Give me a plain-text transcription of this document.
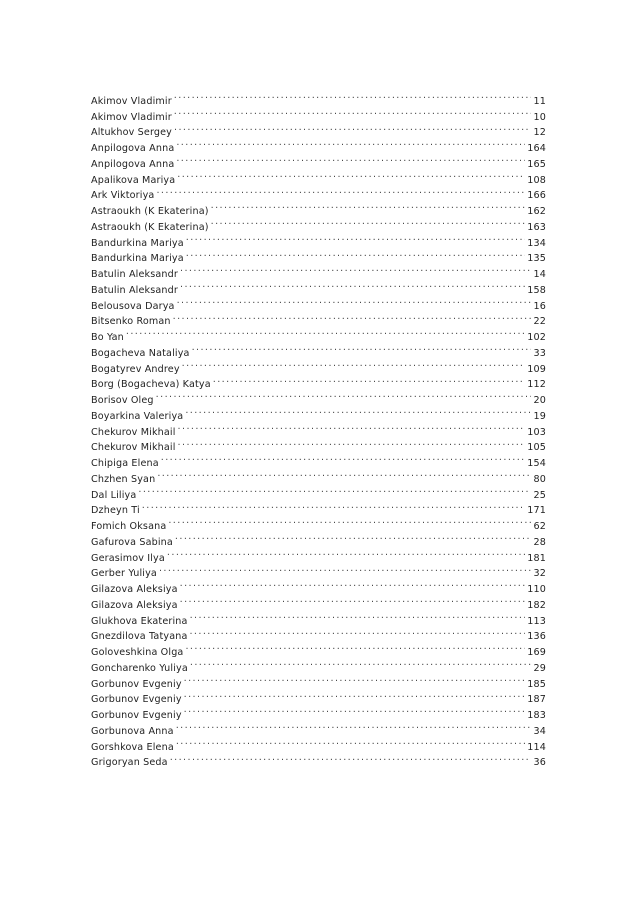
Akimov Vladimir .....	11
Akimov Vladimir .....	10
Altukhov Sergey .....	12
Anpilogova Anna .....	164
Anpilogova Anna .....	165
Apalikova Mariya .....	108
Ark Viktoriya .....	166
Astraoukh (K Ekaterina) .....	162
Astraoukh (K Ekaterina) .....	163
Bandurkina Mariya .....	134
Bandurkina Mariya .....	135
Batulin Aleksandr .....	14
Batulin Aleksandr .....	158
Belousova Darya .....	16
Bitsenko Roman .....	22
Bo Yan .....	102
Bogacheva Nataliya .....	33
Bogatyrev Andrey .....	109
Borg (Bogacheva) Katya .....	112
Borisov Oleg .....	20
Boyarkina Valeriya .....	19
Chekurov Mikhail .....	103
Chekurov Mikhail .....	105
Chipiga Elena .....	154
Chzhen Syan .....	80
Dal Liliya .....	25
Dzheyn Ti .....	171
Fomich Oksana .....	62
Gafurova Sabina .....	28
Gerasimov Ilya .....	181
Gerber Yuliya .....	32
Gilazova Aleksiya .....	110
Gilazova Aleksiya .....	182
Glukhova Ekaterina .....	113
Gnezdilova Tatyana .....	136
Goloveshkina Olga .....	169
Goncharenko Yuliya .....	29
Gorbunov Evgeniy .....	185
Gorbunov Evgeniy .....	187
Gorbunov Evgeniy .....	183
Gorbunova Anna .....	34
Gorshkova Elena .....	114
Grigoryan Seda .....	36
